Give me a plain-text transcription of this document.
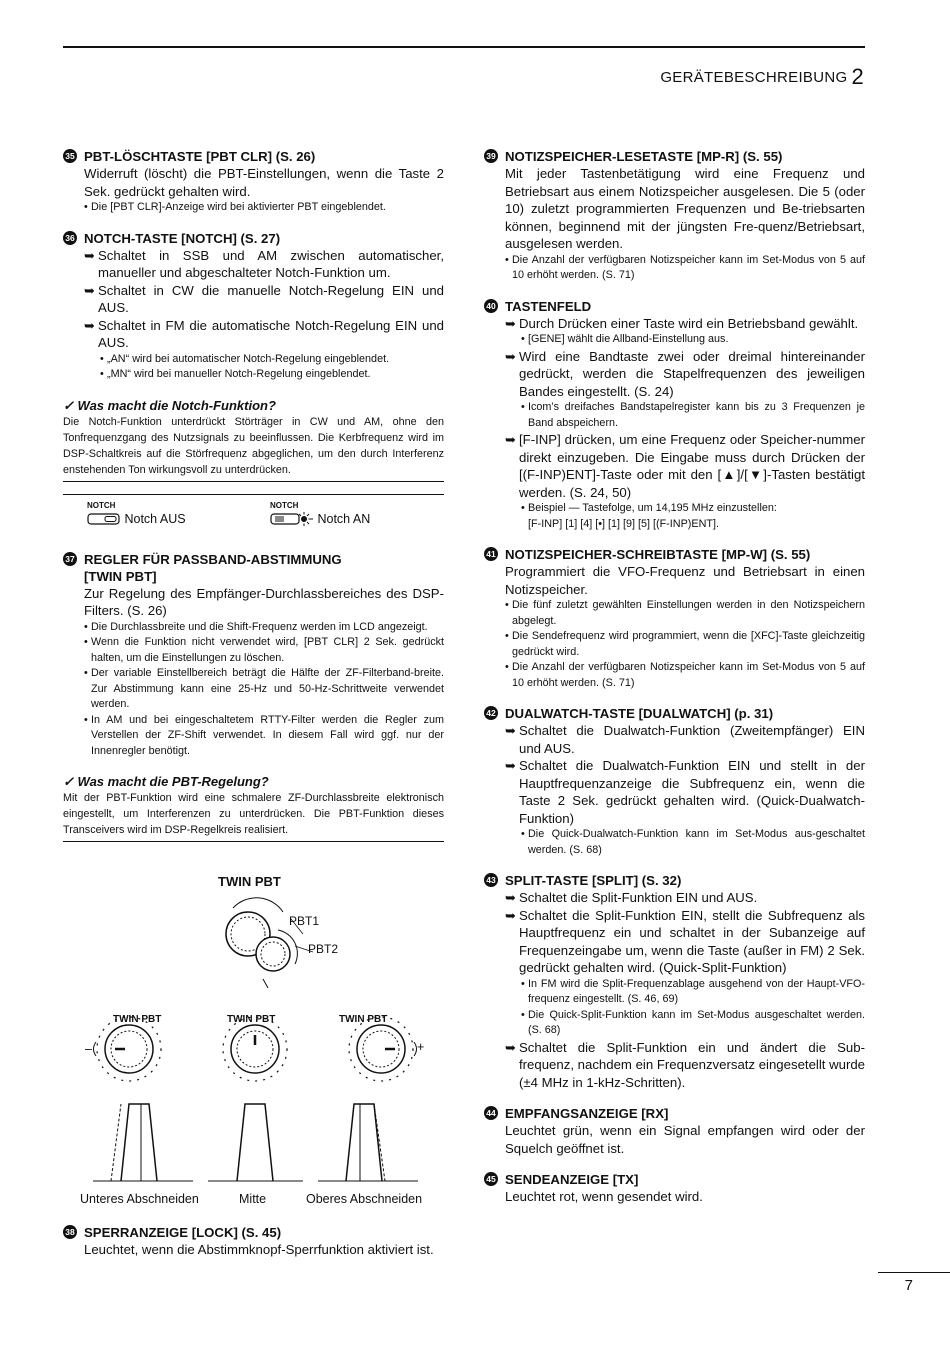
GERÄTEBESCHREIBUNG 2
35 PBT-LÖSCHTASTE [PBT CLR] (S. 26)

Widerruft (löscht) die PBT-Einstellungen, wenn die Taste 2 Sek. gedrückt gehalten wird.

• Die [PBT CLR]-Anzeige wird bei aktivierter PBT eingeblendet.
36 NOTCH-TASTE [NOTCH] (S. 27)
➥ Schaltet in SSB und AM zwischen automatischer, manueller und abgeschalteter Notch-Funktion um.
➥ Schaltet in CW die manuelle Notch-Regelung EIN und AUS.
➥ Schaltet in FM die automatische Notch-Regelung EIN und AUS.
• „AN“ wird bei automatischer Notch-Regelung eingeblendet.
• „MN“ wird bei manueller Notch-Regelung eingeblendet.
✓ Was macht die Notch-Funktion?
Die Notch-Funktion unterdrückt Störträger in CW und AM, ohne den Tonfrequenzgang des Nutzsignals zu beeinflussen. Die Kerbfrequenz wird im DSP-Schaltkreis auf die Störfrequenz abgeglichen, um den durch Interferenz enstehenden Ton wirkungsvoll zu unterdrücken.
NOTCH
Notch AUS
NOTCH
Notch AN
37 REGLER FÜR PASSBAND-ABSTIMMUNG
[TWIN PBT]

Zur Regelung des Empfänger-Durchlassbereiches des DSP-Filters. (S. 26)

• Die Durchlassbreite und die Shift-Frequenz werden im LCD angezeigt.
• Wenn die Funktion nicht verwendet wird, [PBT CLR] 2 Sek. gedrückt halten, um die Einstellungen zu löschen.
• Der variable Einstellbereich beträgt die Hälfte der ZF-Filterband-breite. Zur Abstimmung kann eine 25-Hz und 50-Hz-Schrittweite verwendet werden.
• In AM und bei eingeschaltetem RTTY-Filter werden die Regler zum Verstellen der ZF-Shift verwendet. In diesem Fall wird ggf. nur der Innenregler benötigt.
✓ Was macht die PBT-Regelung?
Mit der PBT-Funktion wird eine schmalere ZF-Durchlassbreite elektronisch eingestellt, um Interferenzen zu unterdrücken. Die PBT-Funktion dieses Transceivers wird im DSP-Regelkreis realisiert.
TWIN PBT
PBT1
PBT2
TWIN PBT	TWIN PBT	TWIN PBT
–	+
Unteres Abschneiden	Mitte	Oberes Abschneiden
38 SPERRANZEIGE [LOCK] (S. 45)

Leuchtet, wenn die Abstimmknopf-Sperrfunktion aktiviert ist.

39 NOTIZSPEICHER-LESETASTE [MP-R] (S. 55)

Mit jeder Tastenbetätigung wird eine Frequenz und Betriebsart aus einem Notizspeicher ausgelesen. Die 5 (oder 10) zuletzt programmierten Frequenzen und Be-triebsarten können, beginnend mit der jüngsten Fre-quenz/Betriebsart, ausgelesen werden.

• Die Anzahl der verfügbaren Notizspeicher kann im Set-Modus von 5 auf 10 erhöht werden. (S. 71)
40 TASTENFELD
➥ Durch Drücken einer Taste wird ein Betriebsband gewählt.
• [GENE] wählt die Allband-Einstellung aus.
➥ Wird eine Bandtaste zwei oder dreimal hintereinander gedrückt, werden die Stapelfrequenzen des jeweiligen Bandes eingestellt. (S. 24)
• Icom’s dreifaches Bandstapelregister kann bis zu 3 Frequenzen je Band abspeichern.
➥ [F-INP] drücken, um eine Frequenz oder Speicher-nummer direkt einzugeben. Die Eingabe muss durch Drücken der [(F-INP)ENT]-Taste oder mit den [▲]/[▼]-Tasten bestätigt werden. (S. 24, 50)
• Beispiel — Tastefolge, um 14,195 MHz einzustellen:
[F-INP] [1] [4] [•] [1] [9] [5] [(F-INP)ENT].
41 NOTIZSPEICHER-SCHREIBTASTE [MP-W] (S. 55)

Programmiert die VFO-Frequenz und Betriebsart in einen Notizspeicher.

• Die fünf zuletzt gewählten Einstellungen werden in den Notizspeichern abgelegt.
• Die Sendefrequenz wird programmiert, wenn die [XFC]-Taste gleichzeitig gedrückt wird.
• Die Anzahl der verfügbaren Notizspeicher kann im Set-Modus von 5 auf 10 erhöht werden. (S. 71)
42 DUALWATCH-TASTE [DUALWATCH] (p. 31)
➥ Schaltet die Dualwatch-Funktion (Zweitempfänger) EIN und AUS.
➥ Schaltet die Dualwatch-Funktion EIN und stellt in der Hauptfrequenzanzeige die Subfrequenz ein, wenn die Taste 2 Sek. gedrückt gehalten wird. (Quick-Dualwatch-Funktion)
• Die Quick-Dualwatch-Funktion kann im Set-Modus aus-geschaltet werden. (S. 68)
43 SPLIT-TASTE [SPLIT] (S. 32)
➥ Schaltet die Split-Funktion EIN und AUS.
➥ Schaltet die Split-Funktion EIN, stellt die Subfrequenz als Hauptfrequenz ein und schaltet in der Subanzeige auf Frequenzeingabe um, wenn die Taste (außer in FM) 2 Sek. gedrückt gehalten wird. (Quick-Split-Funktion)
• In FM wird die Split-Frequenzablage ausgehend von der Haupt-VFO-frequenz eingestellt. (S. 46, 69)
• Die Quick-Split-Funktion kann im Set-Modus ausgeschaltet werden. (S. 68)
➥ Schaltet die Split-Funktion ein und ändert die Sub-frequenz, nachdem ein Frequenzversatz eingesetellt wurde (±4 MHz in 1-kHz-Schritten).
44 EMPFANGSANZEIGE [RX]

Leuchtet grün, wenn ein Signal empfangen wird oder der Squelch geöffnet ist.

45 SENDEANZEIGE [TX]

Leuchtet rot, wenn gesendet wird.

7
